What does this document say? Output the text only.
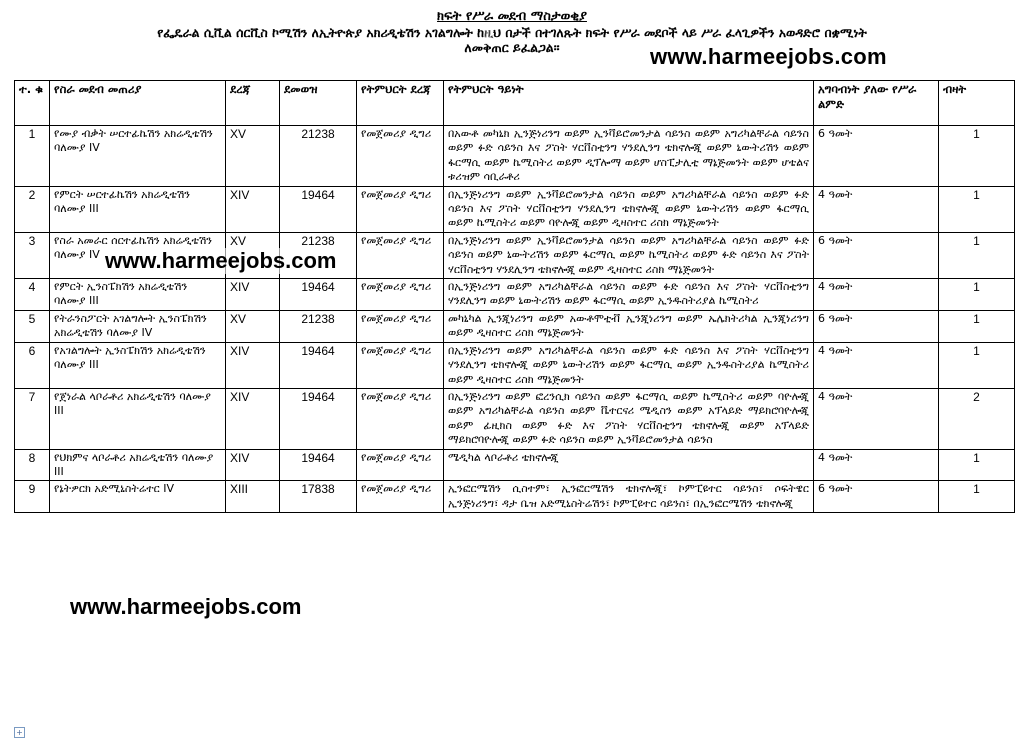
ክፍት የሥራ መደብ ማስታወቂያ
የፌዴራል ሲቪል ሰርቪስ ኮሚሽን ለኢትዮጵያ አክሪዲቴሽን አገልግሎት ከዚህ በታች በተገለጹት ክፍት የሥራ መደቦች ላይ ሥራ ፈላጊዎችን አወዳድሮ በቋሚነት
ለመቅጠር ይፈልጋል፡፡	www.harmeejobs.com
ተ. ቁ	የስራ መደብ መጠሪያ	ደረጃ	ደመወዝ	የትምህርት ደረጃ	የትምህርት ዓይነት	አግባብነት ያለው የሥራ ልምድ	ብዛት
1	የሙያ ብቃት ሠርተፊኬሽን አክሬዲቴሽን ባለሙያ IV	XV	21238	የመጀመሪያ ዲግሪ	በአውቶ መካኒክ ኢንጅነሪንግ ወይም ኢንቫይሮመንታል ሳይንስ ወይም አግሪካልቸራል ሳይንስ ወይም ፉድ ሳይንስ እና ፖስት ሃርቨስቲንግ ሃንደሊንግ ቴክኖሎጂ ወይም ኒውትሪሽን ወይም ፋርማሲ ወይም ኬሚስትሪ ወይም ዲፕሎማ ወይም ሆስፒታሊቲ ማኔጅመንት ወይም ሆቴልና ቱሪዝም ሳቢራቶሪ	6 ዓመት	1
2	የምርት ሠርተፊኬሽን አክሬዲቴሽን ባለሙያ III	XIV	19464	የመጀመሪያ ዲግሪ	በኢንጅነሪንግ ወይም ኢንቫይሮመንታል ሳይንስ ወይም አግሪካልቸራል ሳይንስ ወይም ፉድ ሳይንስ እና ፖስት ሃርቨስቲንግ ሃንደሊንግ ቴክኖሎጂ ወይም ኒውትሪሽን ወይም ፋርማሲ ወይም ኬሚስትሪ ወይም ባዮሎጂ ወይም ዲዛስተር ሪስክ ማኔጅመንት	4 ዓመት	1
3	የስራ አመራር ሰርተፊኬሽን አክሬዲቴሽን ባለሙያ IV	XV	21238	የመጀመሪያ ዲግሪ	በኢንጅነሪንግ ወይም ኢንቫይሮመንታል ሳይንስ ወይም አግሪካልቸራል ሳይንስ ወይም ፉድ ሳይንስ ወይም ኒውትሪሽን ወይም ፋርማሲ ወይም ኬሚስትሪ ወይም ፉድ ሳይንስ እና ፖስት ሃርቨስቲንግ ሃንደሊንግ ቴክኖሎጂ ወይም ዲዛስተር ሪስክ ማኔጅመንት	6 ዓመት	1
4	የምርት ኢንስፔክሽን አክሬዲቴሽን ባለሙያ III	XIV	19464	የመጀመሪያ ዲግሪ	በኢንጅነሪንግ ወይም አግሪካልቸራል ሳይንስ ወይም ፉድ ሳይንስ እና ፖስት ሃርቨስቲንግ ሃንደሊንግ ወይም ኒውትሪሽን ወይም ፋርማሲ ወይም ኢንዱስትሪያል ኬሚስትሪ	4 ዓመት	1
5	የትራንስፖርት አገልግሎት ኢንስፔክሽን አክሬዲቴሽን ባለሙያ IV	XV	21238	የመጀመሪያ ዲግሪ	መካኒካል ኢንጂነሪንግ ወይም አውቶሞቲቭ ኢንጂነሪንግ ወይም ኤሌክትሪካል ኢንጂነሪንግ ወይም ዲዛስተር ሪስክ ማኔጅመንት	6 ዓመት	1
6	የአገልግሎት ኢንስፔክሽን አክሬዲቴሽን ባለሙያ III	XIV	19464	የመጀመሪያ ዲግሪ	በኢንጅነሪንግ ወይም አግሪካልቸራል ሳይንስ ወይም ፉድ ሳይንስ እና ፖስት ሃርቨስቲንግ ሃንደሊንግ ቴክኖሎጂ ወይም ኒውትሪሽን ወይም ፋርማሲ ወይም ኢንዱስትሪያል ኬሚስትሪ ወይም ዲዛስተር ሪስክ ማኔጅመንት	4 ዓመት	1
7	የጀነራል ላቦራቶሪ አክሬዲቴሽን ባለሙያ III	XIV	19464	የመጀመሪያ ዲግሪ	በኢንጅነሪንግ ወይም ፎረንሲክ ሳይንስ ወይም ፋርማሲ ወይም ኬሚስትሪ ወይም ባዮሎጂ ወይም አግሪካልቸራል ሳይንስ ወይም ቬተርናሪ ሜዲስን ወይም አፕላይድ ማይክሮባዮሎጂ ወይም ፊዚክስ ወይም ፉድ እና ፖስት ሃርቨስቲንግ ቴክኖሎጂ ወይም አፕላይድ ማይክሮባዮሎጂ ወይም ፉድ ሳይንስ ወይም ኢንቫይሮመንታል ሳይንስ	4 ዓመት	2
8	የህክምና ላቦራቶሪ አክሬዲቴሽን ባለሙያ III	XIV	19464	የመጀመሪያ ዲግሪ	ሜዲካል ላቦራቶሪ ቴክኖሎጂ	4 ዓመት	1
9	የኔትዎርክ አድሚኒስትሬተር IV	XIII	17838	የመጀመሪያ ዲግሪ	ኢንፎርሜሽን ሲስተም፣ ኢንፎርሜሽን ቴክኖሎጂ፣ ኮምፒዩተር ሳይንስ፣ ሶፍትዌር ኢንጅነሪንግ፣ ዳታ ቤዝ አድሚኒስትሬሽን፣ ኮምፒዩተር ሳይንስ፣ በኢንፎርሜሽን ቴክኖሎጂ	6 ዓመት	1
www.harmeejobs.com
www.harmeejobs.com
+
